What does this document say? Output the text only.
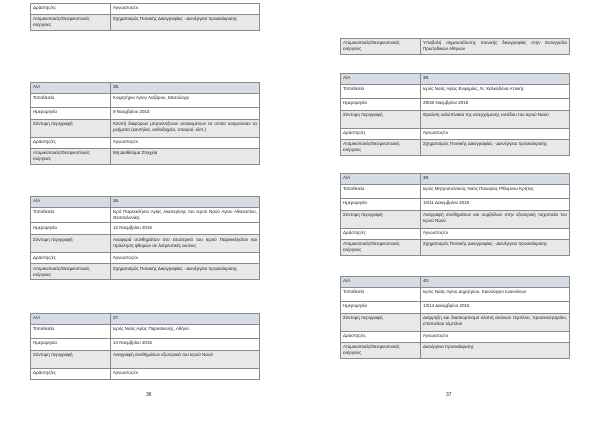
Δράστης/ες	Άγνωστος/οι
Ατομικοποιείς/Θεσμικοποιείς ενέργειες	Σχηματισμός Ποινικής Δικογραφίας - Διενέργεια προανάκρισης
Α/Α	35.
Τοποθεσία	Κοιμητήριο Αγίου Λαζάρου, Μεσολόγγι
Ημερομηνία	9 Νοεμβρίου 2015
Σύντομη περιγραφή	Κλοπή διαφόρων μπρούντζινων αντικειμένων τα οποία κοσμούσαν τα μνήματα (καντήλια, ανθοδοχεία, σταυροί, κλπ.)
Δράστης/ες	Άγνωστος/οι
Ατομικοποιείς/Θεσμικοποιείς ενέργειες	Μη Διαθέσιμα Στοιχεία
Α/Α	36.
Τοποθεσία	Ιερό Παρεκκλήσιο Αγίας Αικατερίνης του Ιερού Ναού Αγίου Αθανασίου, Θεσσαλονίκη
Ημερομηνία	12 Νοεμβρίου 2015
Σύντομη περιγραφή	Αναφορά συνθημάτων στο εσωτερικό του Ιερού Παρεκκλησίου και πρόκληση φθορών σε λατρευτικές εικόνες
Δράστης/ες	Άγνωστος/οι
Ατομικοποιείς/Θεσμικοποιείς ενέργειες	Σχηματισμός Ποινικής Δικογραφίας - Διενέργεια προανάκρισης
Α/Α	37.
Τοποθεσία	Ιερός Ναός Αγίας Παρασκευής, Αθήνα
Ημερομηνία	14 Νοεμβρίου 2015
Σύντομη περιγραφή	Αναγραφή συνθημάτων εξωτερικά του Ιερού Ναού
Δράστης/ες	Άγνωστος/οι
36
Ατομικοποιείς/Θεσμικοποιείς ενέργειες	Υποβολή σημειωτέλεσης ποινικής δικογραφίας στην Εισαγγελία Πρωτοδικών Αθηνών
Α/Α	38.
Τοποθεσία	Ιερός Ναός Αγίας Ευφημίας, Ν. Χαλκηδόνα Αττικής
Ημερομηνία	29/30 Νοεμβρίου 2015
Σύντομη περιγραφή	Θραύση υαλοπίνακα της εισερχόμενης εισόδου του Ιερού Ναού
Δράστης/ες	Άγνωστος/οι
Ατομικοποιείς/Θεσμικοποιείς ενέργειες	Σχηματισμός Ποινικής Δικογραφίας - Διενέργεια προανάκρισης
Α/Α	39.
Τοποθεσία	Ιερός Μητροπολιτικός Ναός Παναγίας Ρίθυμνου Κρήτης
Ημερομηνία	10/11 Δεκεμβρίου 2015
Σύντομη περιγραφή	Αναγραφή συνθημάτων και συμβόλων στην εξωτερική τοιχοποιία του Ιερού Ναού
Δράστης/ες	Άγνωστος/οι
Ατομικοποιείς/Θεσμικοποιείς ενέργειες	Σχηματισμός Ποινικής Δικογραφίας - Διενέργεια προανάκρισης
Α/Α	40.
Τοποθεσία	Ιερός Ναός Αγίου Δημητρίου, Καινούργιο Ιωαννίνων
Ημερομηνία	13/14 Δεκεμβρίου 2015
Σύντομη περιγραφή	Διάρρηξη και διασκορπισμό κλοπή εικόνων τέμπλου, προσκυνηταρίου, επιστυλίου τέμπλου
Δράστης/ες	Άγνωστος/οι
Ατομικοποιείς/Θεσμικοποιείς ενέργειες	Διενέργεια προανάκρισης
37
